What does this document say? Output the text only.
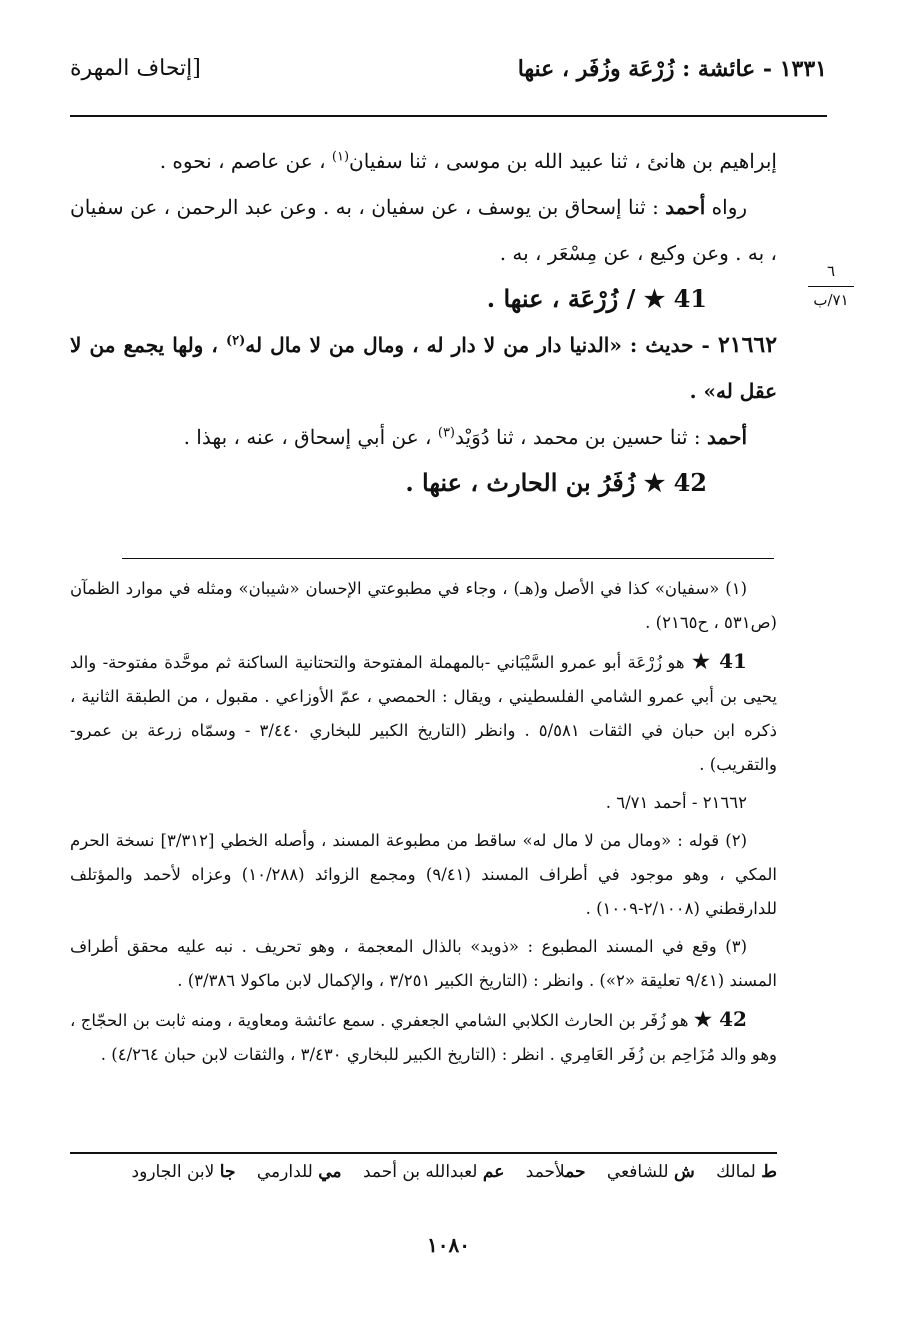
١٣٣١ - عائشة : زُرْعَة وزُفَر ، عنها
[إتحاف المهرة
٦
٧١/ب

إبراهيم بن هانئ ، ثنا عبيد الله بن موسى ، ثنا سفيان$^{(١)}$ ، عن عاصم ، نحوه .

رواه أحمد : ثنا إسحاق بن يوسف ، عن سفيان ، به . وعن عبد الرحمن ، عن سفيان ، به . وعن وكيع ، عن مِسْعَر ، به .

41 ★ / زُرْعَة ، عنها .

٢١٦٦٢ - حديث : «الدنيا دار من لا دار له ، ومال من لا مال له$^{(٢)}$ ، ولها يجمع من لا عقل له» .

أحمد : ثنا حسين بن محمد ، ثنا دُوَيْد$^{(٣)}$ ، عن أبي إسحاق ، عنه ، بهذا .

42 ★ زُفَرُ بن الحارث ، عنها .

(١) «سفيان» كذا في الأصل و(هـ) ، وجاء في مطبوعتي الإحسان «شيبان» ومثله في موارد الظمآن (ص٥٣١ ، ح٢١٦٥) .

41 ★ هو زُرْعَة أبو عمرو السَّيْبَاني -بالمهملة المفتوحة والتحتانية الساكنة ثم موحَّدة مفتوحة- والد يحيى بن أبي عمرو الشامي الفلسطيني ، ويقال : الحمصي ، عمّ الأوزاعي . مقبول ، من الطبقة الثانية ، ذكره ابن حبان في الثقات ٥/٥٨١ . وانظر (التاريخ الكبير للبخاري ٣/٤٤٠ - وسمّاه زرعة بن عمرو- والتقريب) .

٢١٦٦٢ - أحمد ٦/٧١ .

(٢) قوله : «ومال من لا مال له» ساقط من مطبوعة المسند ، وأصله الخطي [٣/٣١٢] نسخة الحرم المكي ، وهو موجود في أطراف المسند (٩/٤١) ومجمع الزوائد (١٠/٢٨٨) وعزاه لأحمد والمؤتلف للدارقطني (٢/١٠٠٨-١٠٠٩) .

(٣) وقع في المسند المطبوع : «ذويد» بالذال المعجمة ، وهو تحريف . نبه عليه محقق أطراف المسند (٩/٤١ تعليقة «٢») . وانظر : (التاريخ الكبير ٣/٢٥١ ، والإكمال لابن ماكولا ٣/٣٨٦) .

42 ★ هو زُفَر بن الحارث الكلابي الشامي الجعفري . سمع عائشة ومعاوية ، ومنه ثابت بن الحجّاج ، وهو والد مُزَاحِم بن زُفَر العَامِري . انظر : (التاريخ الكبير للبخاري ٣/٤٣٠ ، والثقات لابن حبان ٤/٢٦٤) .

ط لمالك ش للشافعي حملأحمد عم لعبدالله بن أحمد مي للدارمي جا لابن الجارود
١٠٨٠
